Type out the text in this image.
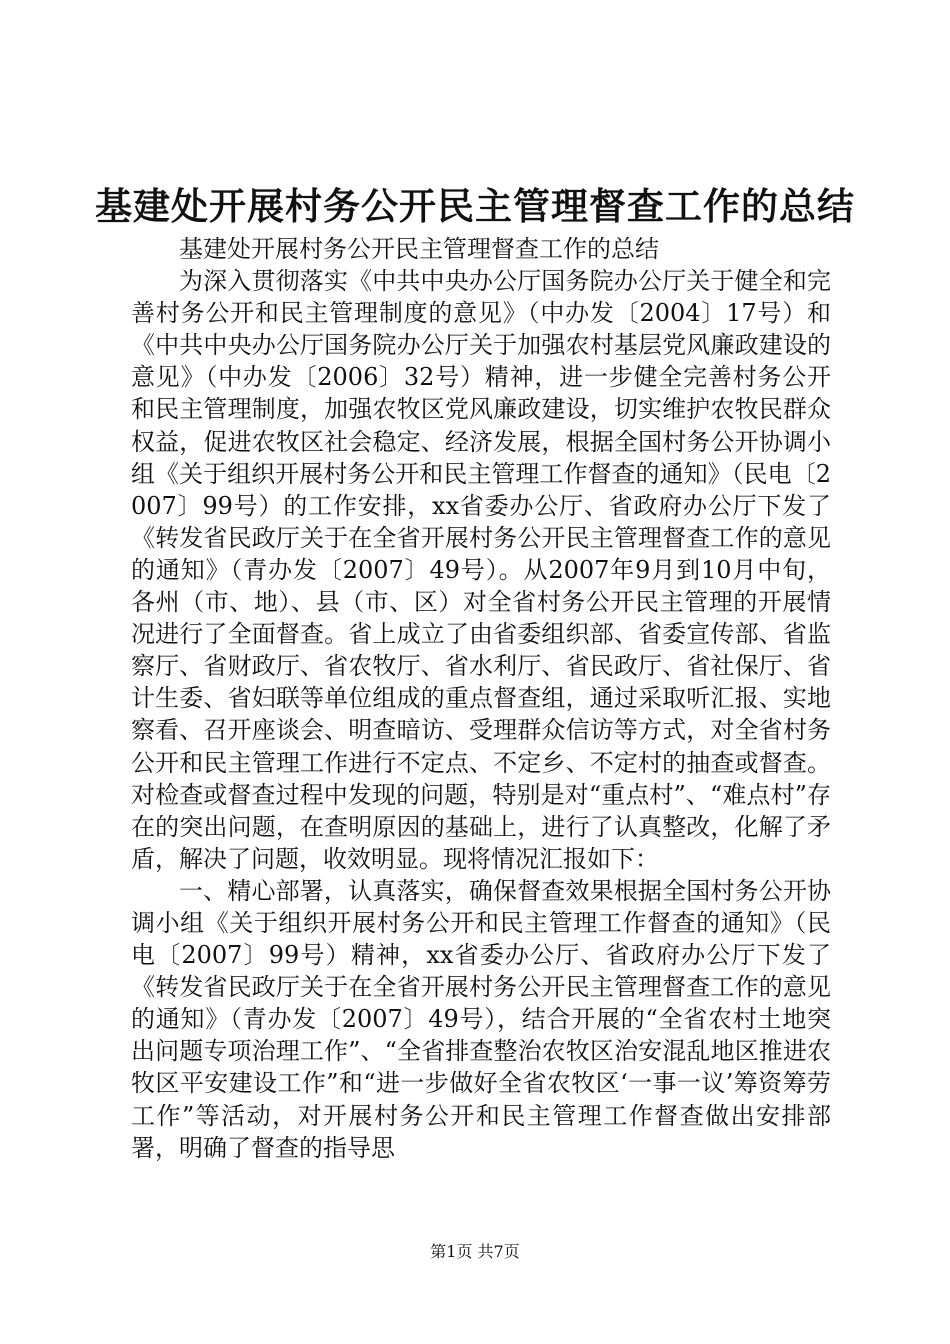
基建处开展村务公开民主管理督查工作的总结

基建处开展村务公开民主管理督查工作的总结

为深入贯彻落实《中共中央办公厅国务院办公厅关于健全和完善村务公开和民主管理制度的意见》（中办发〔2004〕17号）和《中共中央办公厅国务院办公厅关于加强农村基层党风廉政建设的意见》（中办发〔2006〕32号）精神，进一步健全完善村务公开和民主管理制度，加强农牧区党风廉政建设，切实维护农牧民群众权益，促进农牧区社会稳定、经济发展，根据全国村务公开协调小组《关于组织开展村务公开和民主管理工作督查的通知》（民电〔2007〕99号）的工作安排，xx省委办公厅、省政府办公厅下发了《转发省民政厅关于在全省开展村务公开民主管理督查工作的意见的通知》（青办发〔2007〕49号）。从2007年9月到10月中旬，各州（市、地）、县（市、区）对全省村务公开民主管理的开展情况进行了全面督查。省上成立了由省委组织部、省委宣传部、省监察厅、省财政厅、省农牧厅、省水利厅、省民政厅、省社保厅、省计生委、省妇联等单位组成的重点督查组，通过采取听汇报、实地察看、召开座谈会、明查暗访、受理群众信访等方式，对全省村务公开和民主管理工作进行不定点、不定乡、不定村的抽查或督查。对检查或督查过程中发现的问题，特别是对“重点村”、“难点村”存在的突出问题，在查明原因的基础上，进行了认真整改，化解了矛盾，解决了问题，收效明显。现将情况汇报如下：

一、精心部署，认真落实，确保督查效果根据全国村务公开协调小组《关于组织开展村务公开和民主管理工作督查的通知》（民电〔2007〕99号）精神，xx省委办公厅、省政府办公厅下发了《转发省民政厅关于在全省开展村务公开民主管理督查工作的意见的通知》（青办发〔2007〕49号），结合开展的“全省农村土地突出问题专项治理工作”、“全省排查整治农牧区治安混乱地区推进农牧区平安建设工作”和“进一步做好全省农牧区‘一事一议’筹资筹劳工作”等活动，对开展村务公开和民主管理工作督查做出安排部署，明确了督查的指导思

第1页 共7页
